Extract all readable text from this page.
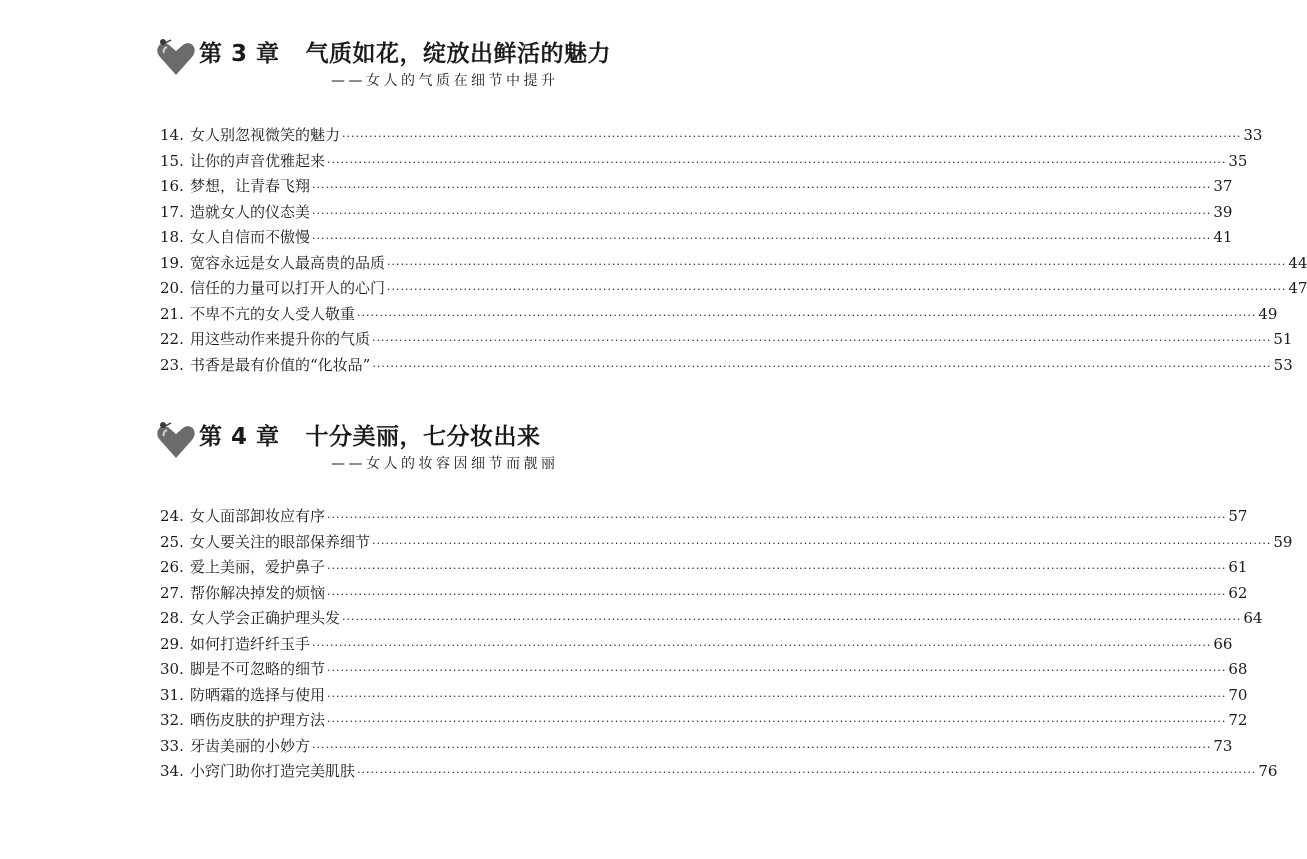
第 3 章 气质如花，绽放出鲜活的魅力
——女人的气质在细节中提升
14. 女人别忽视微笑的魅力 ········································································································································································································ 33
15. 让你的声音优雅起来 ········································································································································································································ 35
16. 梦想，让青春飞翔 ········································································································································································································ 37
17. 造就女人的仪态美 ········································································································································································································ 39
18. 女人自信而不傲慢 ········································································································································································································ 41
19. 宽容永远是女人最高贵的品质 ········································································································································································································ 44
20. 信任的力量可以打开人的心门 ········································································································································································································ 47
21. 不卑不亢的女人受人敬重 ········································································································································································································ 49
22. 用这些动作来提升你的气质 ········································································································································································································ 51
23. 书香是最有价值的“化妆品” ········································································································································································································ 53
第 4 章 十分美丽，七分妆出来
——女人的妆容因细节而靓丽
24. 女人面部卸妆应有序 ········································································································································································································ 57
25. 女人要关注的眼部保养细节 ········································································································································································································ 59
26. 爱上美丽，爱护鼻子 ········································································································································································································ 61
27. 帮你解决掉发的烦恼 ········································································································································································································ 62
28. 女人学会正确护理头发 ········································································································································································································ 64
29. 如何打造纤纤玉手 ········································································································································································································ 66
30. 脚是不可忽略的细节 ········································································································································································································ 68
31. 防晒霜的选择与使用 ········································································································································································································ 70
32. 晒伤皮肤的护理方法 ········································································································································································································ 72
33. 牙齿美丽的小妙方 ········································································································································································································ 73
34. 小窍门助你打造完美肌肤 ········································································································································································································ 76
